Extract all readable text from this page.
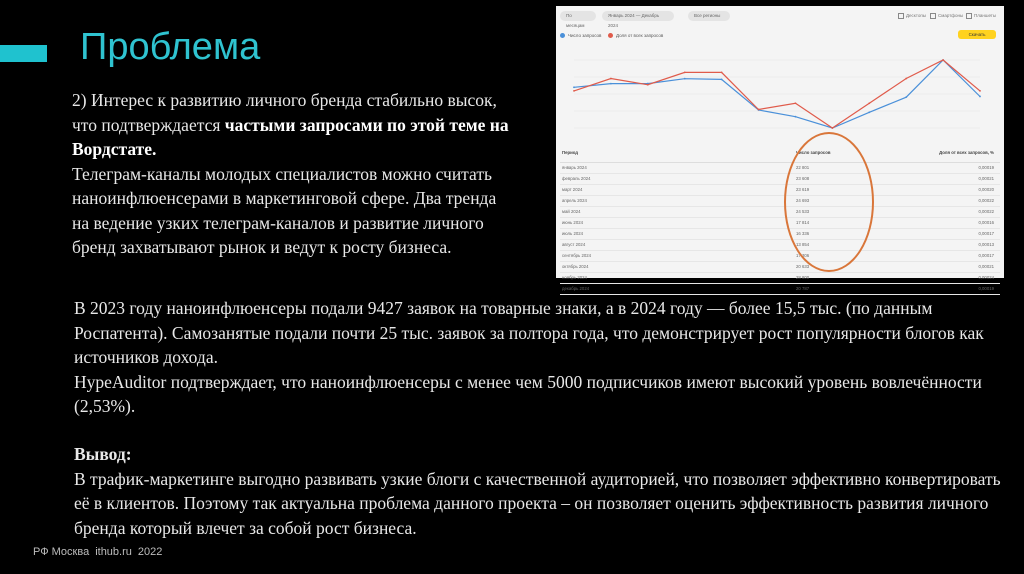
Проблема
2) Интерес к развитию личного бренда стабильно высок, что подтверждается частыми запросами по этой теме на Вордстате.
Телеграм-каналы молодых специалистов можно считать наноинфлюенсерами в маркетинговой сфере. Два тренда на ведение узких телеграм-каналов и развитие личного бренд захватывают рынок и ведут к росту бизнеса.
По месяцам
Январь 2024 — Декабрь 2024
Все регионы	Десктопы	Смартфоны	Планшеты
Число запросов	Доля от всех запросов	Скачать
Период	Число запросов	Доля от всех запросов, %
январь 2024	22 801	0,00019
февраль 2024	23 608	0,00021
март 2024	23 619	0,00020
апрель 2024	24 693	0,00022
май 2024	24 533	0,00022
июнь 2024	17 814	0,00016
июль 2024	16 336	0,00017
август 2024	13 854	0,00013
сентябрь 2024	17 306	0,00017
октябрь 2024	20 633	0,00021
ноябрь 2024	28 800	0,00024
декабрь 2024	20 787	0,00019
В 2023 году наноинфлюенсеры подали 9427 заявок на товарные знаки, а в 2024 году — более 15,5 тыс. (по данным Роспатента). Самозанятые подали почти 25 тыс. заявок за полтора года, что демонстрирует рост популярности блогов как источников дохода.
HypeAuditor подтверждает, что наноинфлюенсеры с менее чем 5000 подписчиков имеют высокий уровень вовлечённости (2,53%).
Вывод:
В трафик-маркетинге выгодно развивать узкие блоги с качественной аудиторией, что позволяет эффективно конвертировать её в клиентов. Поэтому так актуальна проблема данного проекта – он позволяет оценить эффективность развития личного бренда который влечет за собой рост бизнеса.
РФ Москва ithub.ru 2022
